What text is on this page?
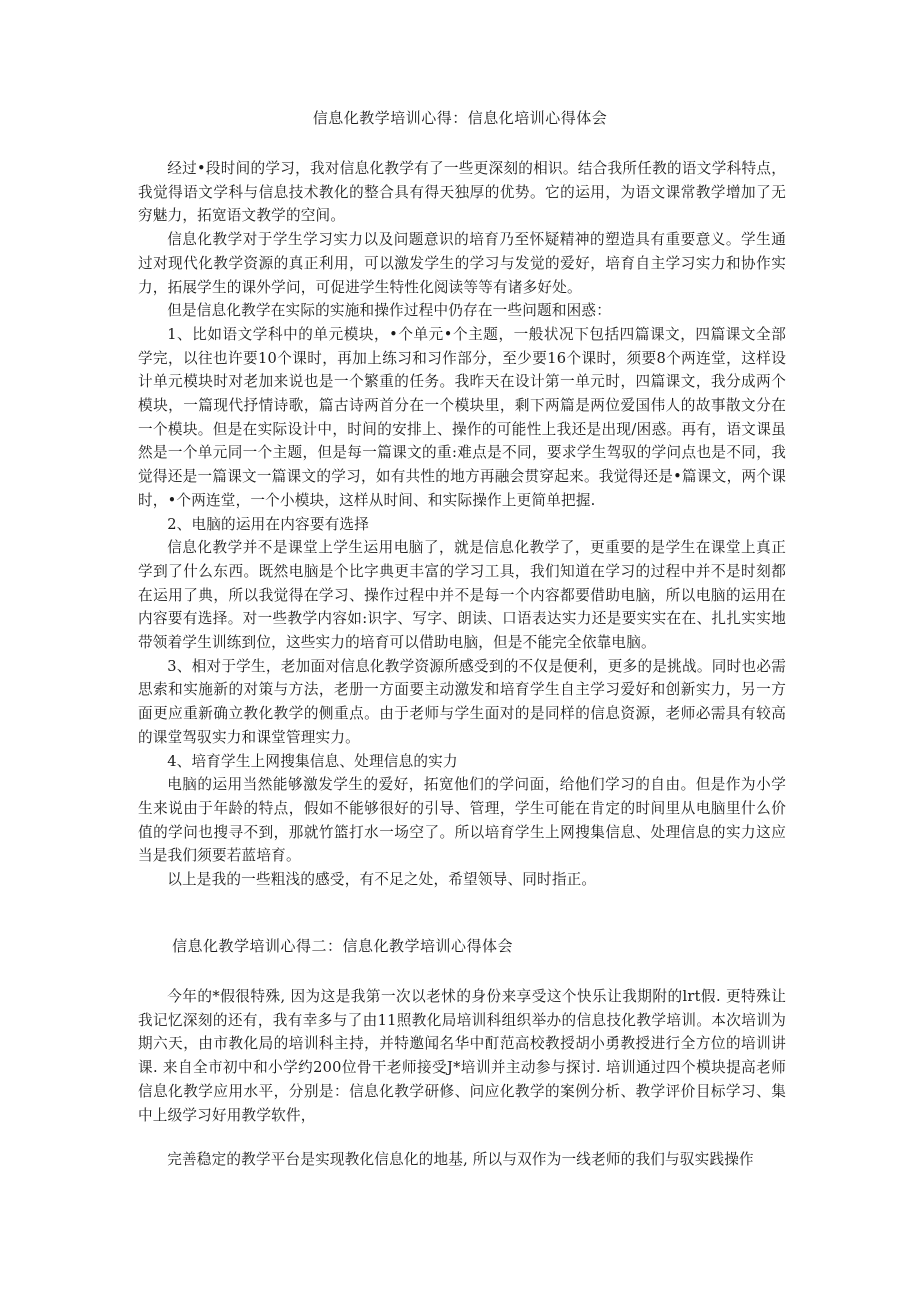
信息化教学培训心得：信息化培训心得体会

经过•段时间的学习，我对信息化教学有了一些更深刻的相识。结合我所任教的语文学科特点，我觉得语文学科与信息技术教化的整合具有得天独厚的优势。它的运用，为语文课常教学增加了无穷魅力，拓宽语文教学的空间。

信息化教学对于学生学习实力以及问题意识的培育乃至怀疑精神的塑造具有重要意义。学生通过对现代化教学资源的真正利用，可以激发学生的学习与发觉的爱好，培育自主学习实力和协作实力，拓展学生的课外学问，可促进学生特性化阅读等等有诸多好处。

但是信息化教学在实际的实施和操作过程中仍存在一些问题和困惑：

1、比如语文学科中的单元模块，•个单元•个主题，一般状况下包括四篇课文，四篇课文全部学完，以往也许要10个课时，再加上练习和习作部分，至少要16个课时，须要8个两连堂，这样设计单元模块时对老加来说也是一个繁重的任务。我昨天在设计第一单元时，四篇课文，我分成两个模块，一篇现代抒情诗歌，篇古诗两首分在一个模块里，剩下两篇是两位爱国伟人的故事散文分在一个模块。但是在实际设计中，时间的安排上、操作的可能性上我还是出现/困惑。再有，语文课虽然是一个单元同一个主题，但是每一篇课文的重:难点是不同，要求学生驾驭的学问点也是不同，我觉得还是一篇课文一篇课文的学习，如有共性的地方再融会贯穿起来。我觉得还是•篇课文，两个课时，•个两连堂，一个小模块，这样从时间、和实际操作上更简单把握.

2、电脑的运用在内容要有选择

信息化教学并不是课堂上学生运用电脑了，就是信息化教学了，更重要的是学生在课堂上真正学到了什么东西。既然电脑是个比字典更丰富的学习工具，我们知道在学习的过程中并不是时刻都在运用了典，所以我觉得在学习、操作过程中并不是每一个内容都要借助电脑，所以电脑的运用在内容要有选择。对一些教学内容如:识字、写字、朗读、口语表达实力还是要实实在在、扎扎实实地带领着学生训练到位，这些实力的培育可以借助电脑，但是不能完全依靠电脑。

3、相对于学生，老加面对信息化教学资源所感受到的不仅是便利，更多的是挑战。同时也必需思索和实施新的对策与方法，老册一方面要主动激发和培育学生自主学习爱好和创新实力，另一方面更应重新确立教化教学的侧重点。由于老师与学生面对的是同样的信息资源，老师必需具有较高的课堂驾驭实力和课堂管理实力。

4、培育学生上网搜集信息、处理信息的实力

电脑的运用当然能够激发学生的爱好，拓宽他们的学问面，给他们学习的自由。但是作为小学生来说由于年龄的特点，假如不能够很好的引导、管理，学生可能在肯定的时间里从电脑里什么价值的学问也搜寻不到，那就竹篮打水一场空了。所以培育学生上网搜集信息、处理信息的实力这应当是我们须要若蓝培育。

以上是我的一些粗浅的感受，有不足之处，希望领导、同时指正。

信息化教学培训心得二：信息化教学培训心得体会

今年的*假很特殊, 因为这是我第一次以老怵的身份来享受这个快乐让我期附的lrt假. 更特殊让我记忆深刻的还有，我有幸多与了由11照教化局培训科组织举办的信息技化教学培训。本次培训为期六天，由市教化局的培训科主持，并特邀闻名华中酊范高校教授胡小勇教授进行全方位的培训讲课. 来自全市初中和小学约200位骨干老师接受J*培训并主动参与探讨. 培训通过四个模块提高老师信息化教学应用水平，分别是：信息化教学研修、问应化教学的案例分析、教学评价目标学习、集中上级学习好用教学软件，

完善稳定的教学平台是实现教化信息化的地基, 所以与双作为一线老师的我们与驭实践操作
